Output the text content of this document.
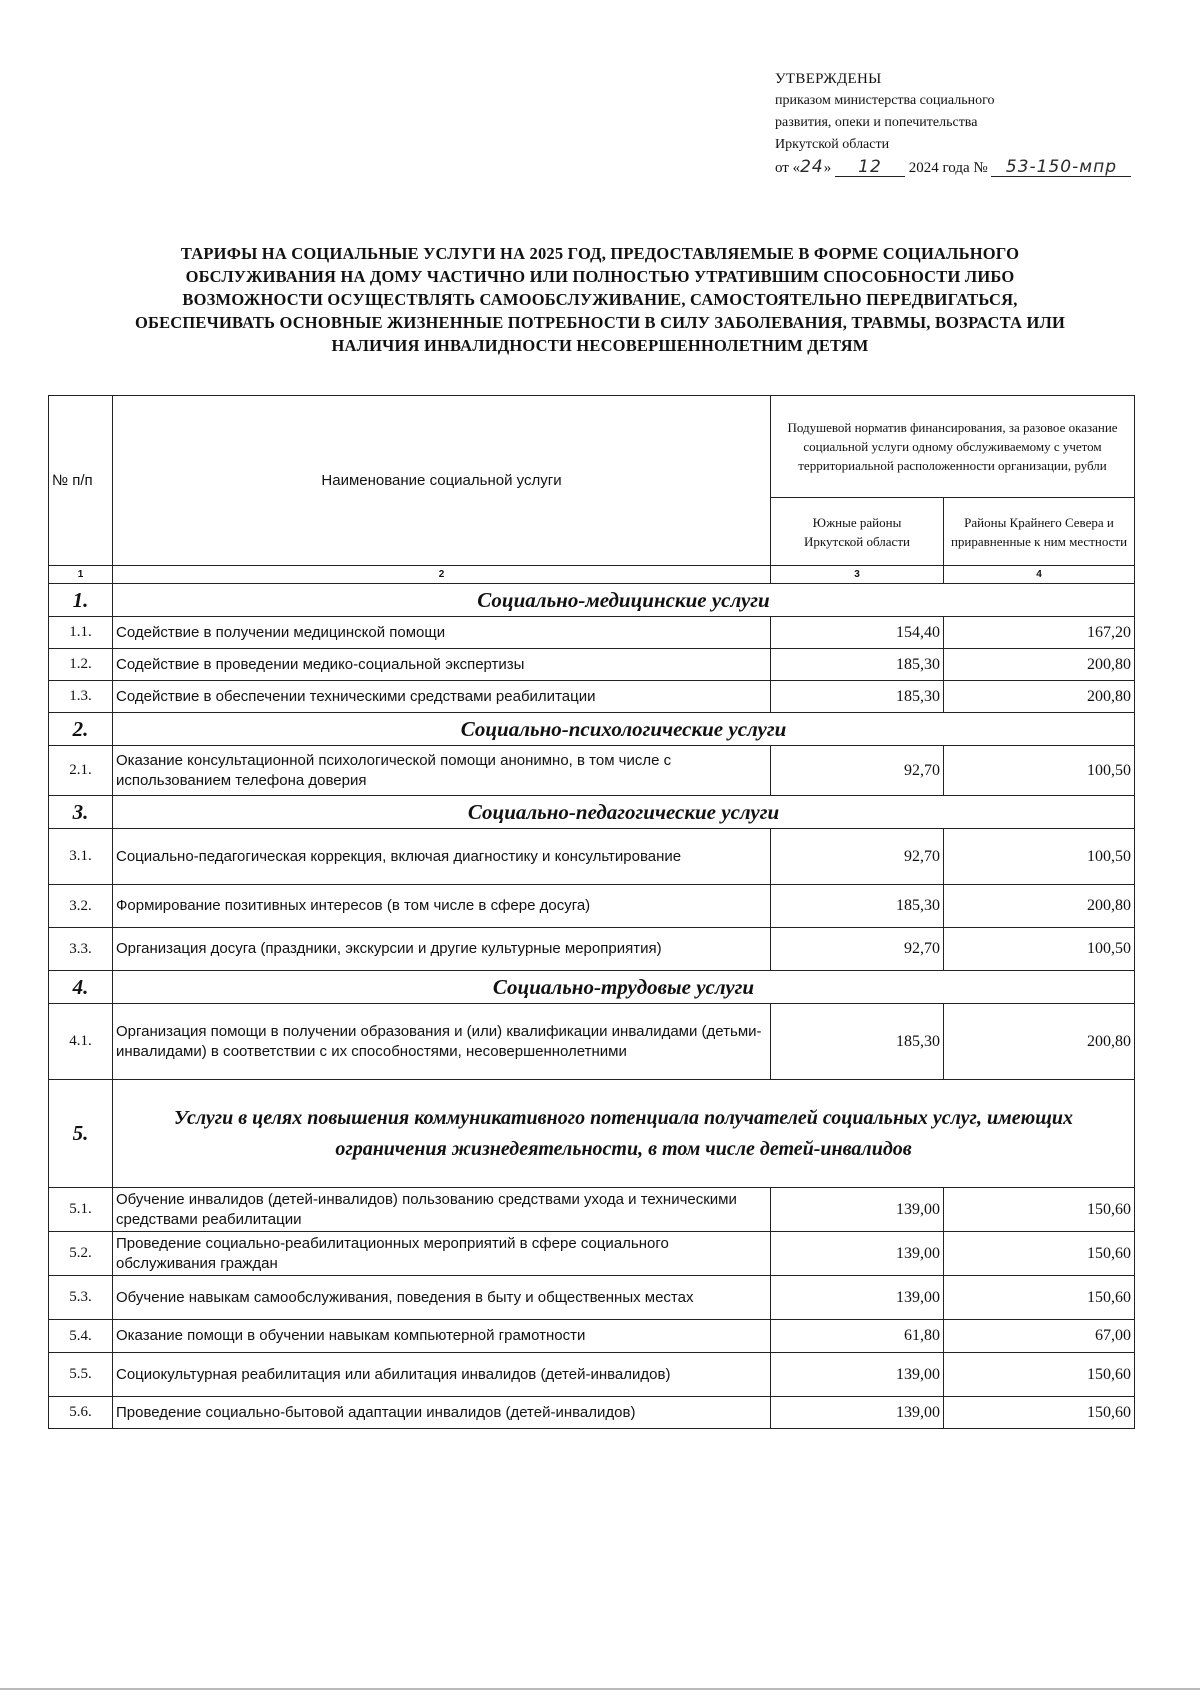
УТВЕРЖДЕНЫ
приказом министерства социального
развития, опеки и попечительства
Иркутской области
от «24» 12 2024 года № 53-150-мпр
ТАРИФЫ НА СОЦИАЛЬНЫЕ УСЛУГИ НА 2025 ГОД, ПРЕДОСТАВЛЯЕМЫЕ В ФОРМЕ СОЦИАЛЬНОГО
ОБСЛУЖИВАНИЯ НА ДОМУ ЧАСТИЧНО ИЛИ ПОЛНОСТЬЮ УТРАТИВШИМ СПОСОБНОСТИ ЛИБО
ВОЗМОЖНОСТИ ОСУЩЕСТВЛЯТЬ САМООБСЛУЖИВАНИЕ, САМОСТОЯТЕЛЬНО ПЕРЕДВИГАТЬСЯ,
ОБЕСПЕЧИВАТЬ ОСНОВНЫЕ ЖИЗНЕННЫЕ ПОТРЕБНОСТИ В СИЛУ ЗАБОЛЕВАНИЯ, ТРАВМЫ, ВОЗРАСТА ИЛИ
НАЛИЧИЯ ИНВАЛИДНОСТИ НЕСОВЕРШЕННОЛЕТНИМ ДЕТЯМ
№ п/п	Наименование социальной услуги	Подушевой норматив финансирования, за разовое оказание социальной услуги одному обслуживаемому с учетом территориальной расположенности организации, рубли	
		Южные районы Иркутской области	Районы Крайнего Севера и приравненные к ним местности
1	2	3	4
1.	Социально-медицинские услуги		
1.1.	Содействие в получении медицинской помощи	154,40	167,20
1.2.	Содействие в проведении медико-социальной экспертизы	185,30	200,80
1.3.	Содействие в обеспечении техническими средствами реабилитации	185,30	200,80
2.	Социально-психологические услуги		
2.1.	Оказание консультационной психологической помощи анонимно, в том числе с использованием телефона доверия	92,70	100,50
3.	Социально-педагогические услуги		
3.1.	Социально-педагогическая коррекция, включая диагностику и консультирование	92,70	100,50
3.2.	Формирование позитивных интересов (в том числе в сфере досуга)	185,30	200,80
3.3.	Организация досуга (праздники, экскурсии и другие культурные мероприятия)	92,70	100,50
4.	Социально-трудовые услуги		
4.1.	Организация помощи в получении образования и (или) квалификации инвалидами (детьми-инвалидами) в соответствии с их способностями, несовершеннолетними	185,30	200,80
5.	Услуги в целях повышения коммуникативного потенциала получателей социальных услуг, имеющих ограничения жизнедеятельности, в том числе детей-инвалидов		
5.1.	Обучение инвалидов (детей-инвалидов) пользованию средствами ухода и техническими средствами реабилитации	139,00	150,60
5.2.	Проведение социально-реабилитационных мероприятий в сфере социального обслуживания граждан	139,00	150,60
5.3.	Обучение навыкам самообслуживания, поведения в быту и общественных местах	139,00	150,60
5.4.	Оказание помощи в обучении навыкам компьютерной грамотности	61,80	67,00
5.5.	Социокультурная реабилитация или абилитация инвалидов (детей-инвалидов)	139,00	150,60
5.6.	Проведение социально-бытовой адаптации инвалидов (детей-инвалидов)	139,00	150,60
